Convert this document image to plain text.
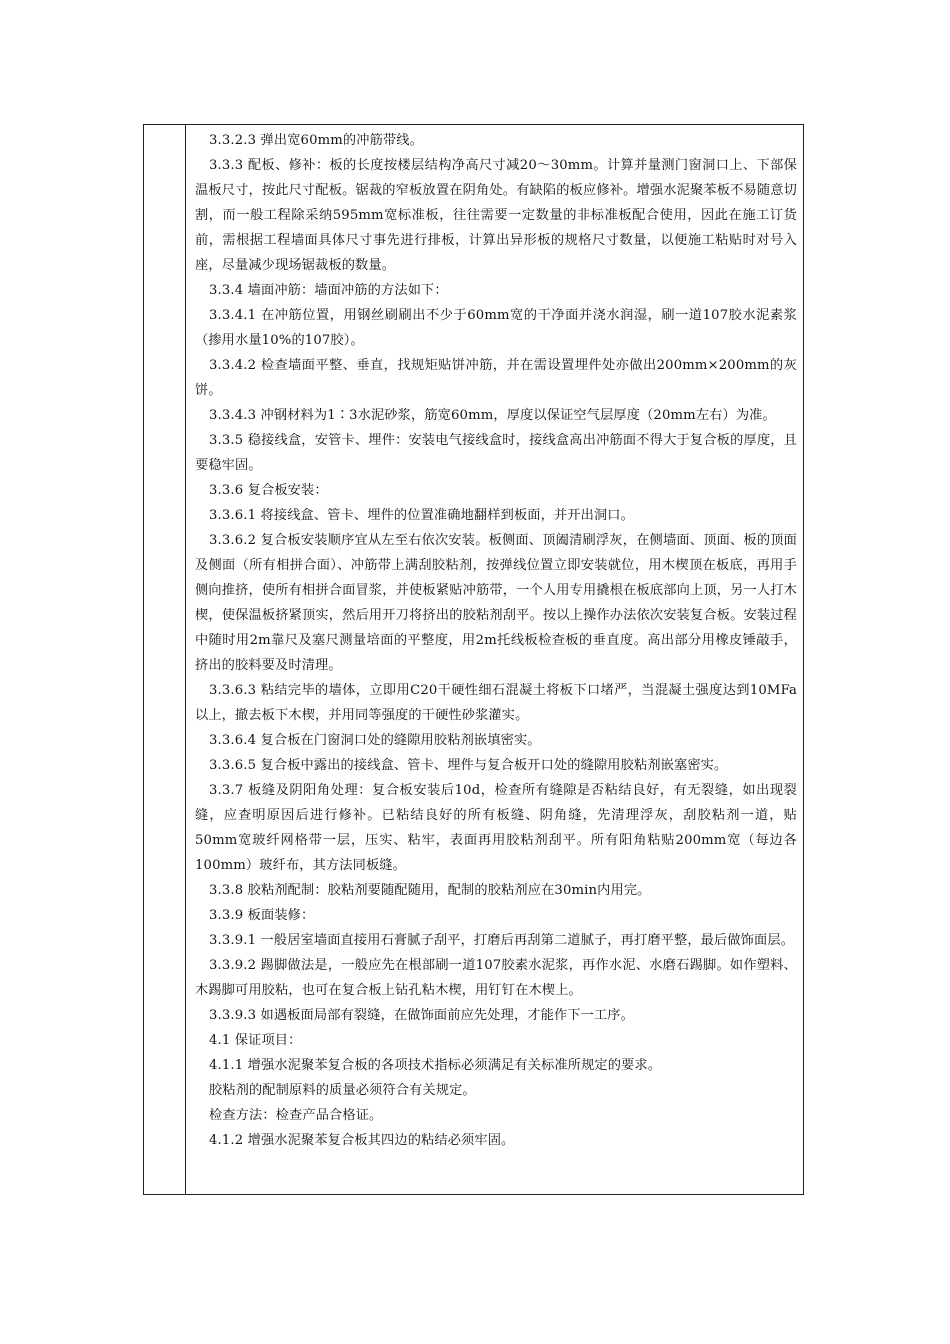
3.3.2.3 弹出宽60mm的冲筋带线。

3.3.3 配板、修补：板的长度按楼层结构净高尺寸减20～30mm。计算并量测门窗洞口上、下部保温板尺寸，按此尺寸配板。锯裁的窄板放置在阴角处。有缺陷的板应修补。增强水泥聚苯板不易随意切割，而一般工程除采纳595mm宽标准板，往往需要一定数量的非标准板配合使用，因此在施工订货前，需根据工程墙面具体尺寸事先进行排板，计算出异形板的规格尺寸数量，以便施工粘贴时对号入座，尽量减少现场锯裁板的数量。

3.3.4 墙面冲筋：墙面冲筋的方法如下：

3.3.4.1 在冲筋位置，用钢丝刷刷出不少于60mm宽的干净面并浇水润湿，刷一道107胶水泥素浆（掺用水量10%的107胶）。

3.3.4.2 检查墙面平整、垂直，找规矩贴饼冲筋，并在需设置埋件处亦做出200mm×200mm的灰饼。

3.3.4.3 冲钢材料为1∶3水泥砂浆，筋宽60mm，厚度以保证空气层厚度（20mm左右）为准。

3.3.5 稳接线盒，安管卡、埋件：安装电气接线盒时，接线盒高出冲筋面不得大于复合板的厚度，且要稳牢固。

3.3.6 复合板安装：

3.3.6.1 将接线盒、管卡、埋件的位置准确地翻样到板面，并开出洞口。

3.3.6.2 复合板安装顺序宜从左至右依次安装。板侧面、顶阖清刷浮灰，在侧墙面、顶面、板的顶面及侧面（所有相拼合面）、冲筋带上满刮胶粘剂，按弹线位置立即安装就位，用木楔顶在板底，再用手侧向推挤，使所有相拼合面冒浆，并使板紧贴冲筋带，一个人用专用撬根在板底部向上顶，另一人打木楔，使保温板挤紧顶实，然后用开刀将挤出的胶粘剂刮平。按以上操作办法依次安装复合板。安装过程中随时用2m靠尺及塞尺测量培面的平整度，用2m托线板检查板的垂直度。高出部分用橡皮锤敲手，挤出的胶料要及时清理。

3.3.6.3 粘结完毕的墙体，立即用C20干硬性细石混凝土将板下口堵严，当混凝土强度达到10MFa以上，撤去板下木楔，并用同等强度的干硬性砂浆灌实。

3.3.6.4 复合板在门窗洞口处的缝隙用胶粘剂嵌填密实。

3.3.6.5 复合板中露出的接线盒、管卡、埋件与复合板开口处的缝隙用胶粘剂嵌塞密实。

3.3.7 板缝及阴阳角处理：复合板安装后10d，检查所有缝隙是否粘结良好，有无裂缝，如出现裂缝，应查明原因后进行修补。已粘结良好的所有板缝、阴角缝，先清理浮灰，刮胶粘剂一道，贴50mm宽玻纤网格带一层，压实、粘牢，表面再用胶粘剂刮平。所有阳角粘贴200mm宽（每边各100mm）玻纤布，其方法同板缝。

3.3.8 胶粘剂配制：胶粘剂要随配随用，配制的胶粘剂应在30min内用完。

3.3.9 板面装修：

3.3.9.1 一般居室墙面直接用石膏腻子刮平，打磨后再刮第二道腻子，再打磨平整，最后做饰面层。

3.3.9.2 踢脚做法是，一般应先在根部刷一道107胶素水泥浆，再作水泥、水磨石踢脚。如作塑料、木踢脚可用胶粘，也可在复合板上钻孔粘木楔，用钉钉在木楔上。

3.3.9.3 如遇板面局部有裂缝，在做饰面前应先处理，才能作下一工序。

4.1 保证项目：

4.1.1 增强水泥聚苯复合板的各项技术指标必须满足有关标准所规定的要求。

胶粘剂的配制原料的质量必须符合有关规定。

检查方法：检查产品合格证。

4.1.2 增强水泥聚苯复合板其四边的粘结必须牢固。
